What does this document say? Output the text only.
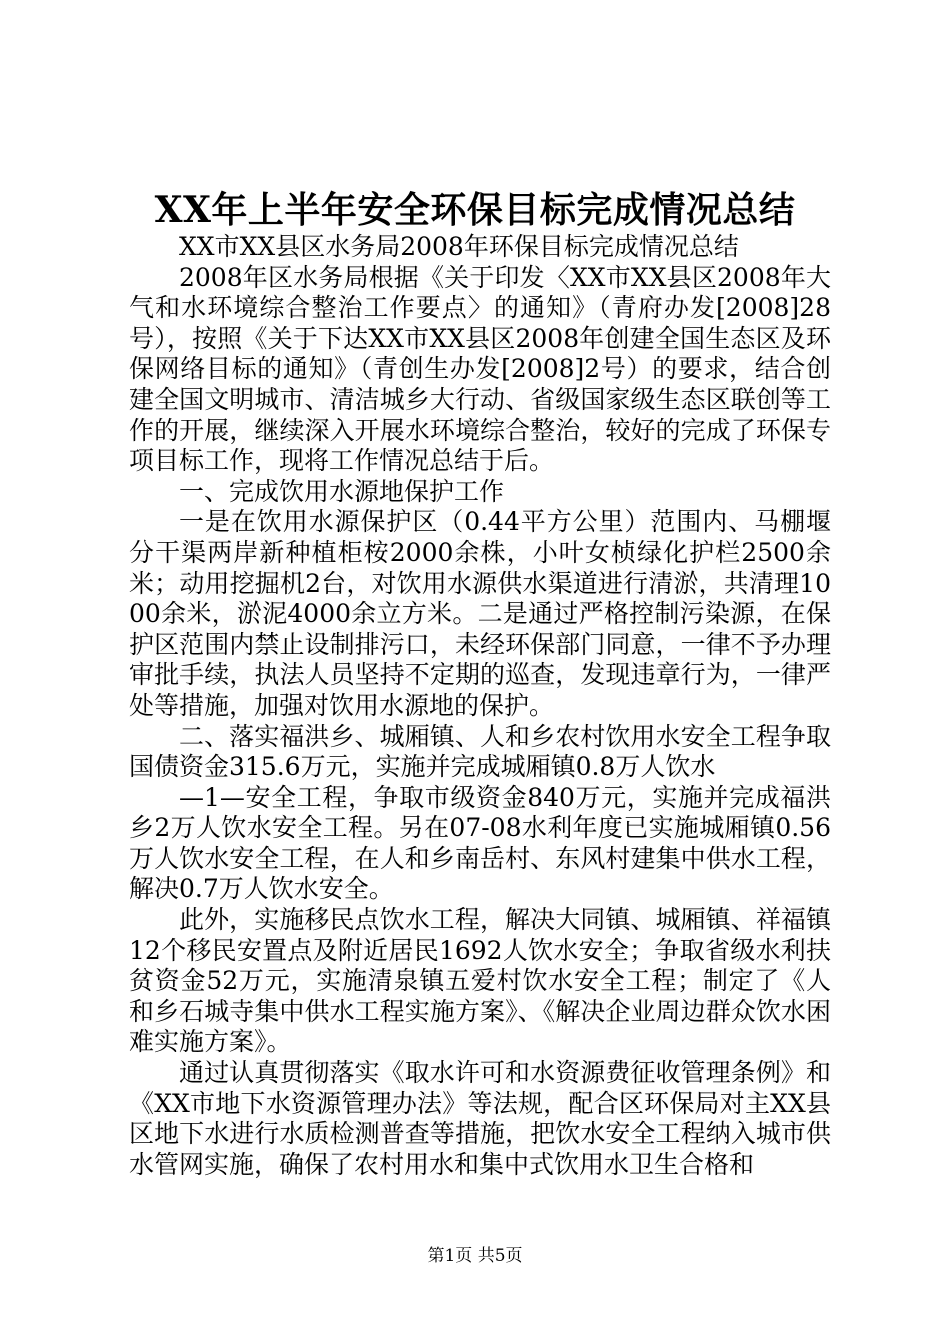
XX年上半年安全环保目标完成情况总结

XX市XX县区水务局2008年环保目标完成情况总结

2008年区水务局根据《关于印发〈XX市XX县区2008年大气和水环境综合整治工作要点〉的通知》（青府办发[2008]28号），按照《关于下达XX市XX县区2008年创建全国生态区及环保网络目标的通知》（青创生办发[2008]2号）的要求，结合创建全国文明城市、清洁城乡大行动、省级国家级生态区联创等工作的开展，继续深入开展水环境综合整治，较好的完成了环保专项目标工作，现将工作情况总结于后。

一、完成饮用水源地保护工作

一是在饮用水源保护区（0.44平方公里）范围内、马棚堰分干渠两岸新种植柜桉2000余株，小叶女桢绿化护栏2500余米；动用挖掘机2台，对饮用水源供水渠道进行清淤，共清理1000余米，淤泥4000余立方米。二是通过严格控制污染源，在保护区范围内禁止设制排污口，未经环保部门同意，一律不予办理审批手续，执法人员坚持不定期的巡查，发现违章行为，一律严处等措施，加强对饮用水源地的保护。

二、落实福洪乡、城厢镇、人和乡农村饮用水安全工程争取国债资金315.6万元，实施并完成城厢镇0.8万人饮水

—1—安全工程，争取市级资金840万元，实施并完成福洪乡2万人饮水安全工程。另在07-08水利年度已实施城厢镇0.56万人饮水安全工程，在人和乡南岳村、东风村建集中供水工程，解决0.7万人饮水安全。

此外，实施移民点饮水工程，解决大同镇、城厢镇、祥福镇12个移民安置点及附近居民1692人饮水安全；争取省级水利扶贫资金52万元，实施清泉镇五爱村饮水安全工程；制定了《人和乡石城寺集中供水工程实施方案》、《解决企业周边群众饮水困难实施方案》。

通过认真贯彻落实《取水许可和水资源费征收管理条例》和《XX市地下水资源管理办法》等法规，配合区环保局对主XX县区地下水进行水质检测普查等措施，把饮水安全工程纳入城市供水管网实施，确保了农村用水和集中式饮用水卫生合格和

第1页 共5页
